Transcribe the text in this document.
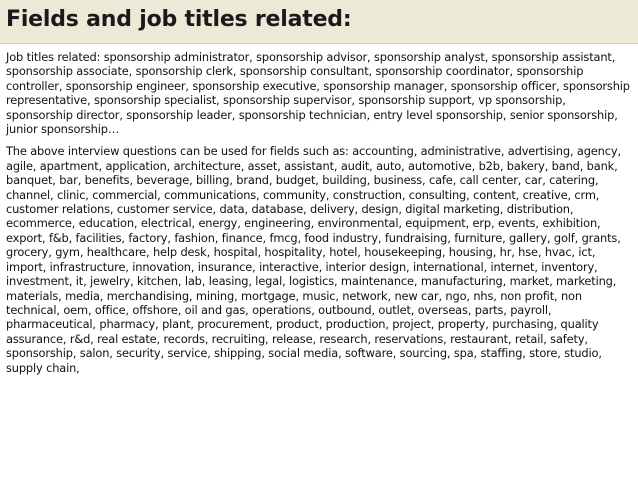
Fields and job titles related:

Job titles related: sponsorship administrator, sponsorship advisor, sponsorship analyst, sponsorship assistant, sponsorship associate, sponsorship clerk, sponsorship consultant, sponsorship coordinator, sponsorship controller, sponsorship engineer, sponsorship executive, sponsorship manager, sponsorship officer, sponsorship representative, sponsorship specialist, sponsorship supervisor, sponsorship support, vp sponsorship, sponsorship director, sponsorship leader, sponsorship technician, entry level sponsorship, senior sponsorship, junior sponsorship…

The above interview questions can be used for fields such as: accounting, administrative, advertising, agency, agile, apartment, application, architecture, asset, assistant, audit, auto, automotive, b2b, bakery, band, bank, banquet, bar, benefits, beverage, billing, brand, budget, building, business, cafe, call center, car, catering, channel, clinic, commercial, communications, community, construction, consulting, content, creative, crm, customer relations, customer service, data, database, delivery, design, digital marketing, distribution, ecommerce, education, electrical, energy, engineering, environmental, equipment, erp, events, exhibition, export, f&b, facilities, factory, fashion, finance, fmcg, food industry, fundraising, furniture, gallery, golf, grants, grocery, gym, healthcare, help desk, hospital, hospitality, hotel, housekeeping, housing, hr, hse, hvac, ict, import, infrastructure, innovation, insurance, interactive, interior design, international, internet, inventory, investment, it, jewelry, kitchen, lab, leasing, legal, logistics, maintenance, manufacturing, market, marketing, materials, media, merchandising, mining, mortgage, music, network, new car, ngo, nhs, non profit, non technical, oem, office, offshore, oil and gas, operations, outbound, outlet, overseas, parts, payroll, pharmaceutical, pharmacy, plant, procurement, product, production, project, property, purchasing, quality assurance, r&d, real estate, records, recruiting, release, research, reservations, restaurant, retail, safety, sponsorship, salon, security, service, shipping, social media, software, sourcing, spa, staffing, store, studio, supply chain,
